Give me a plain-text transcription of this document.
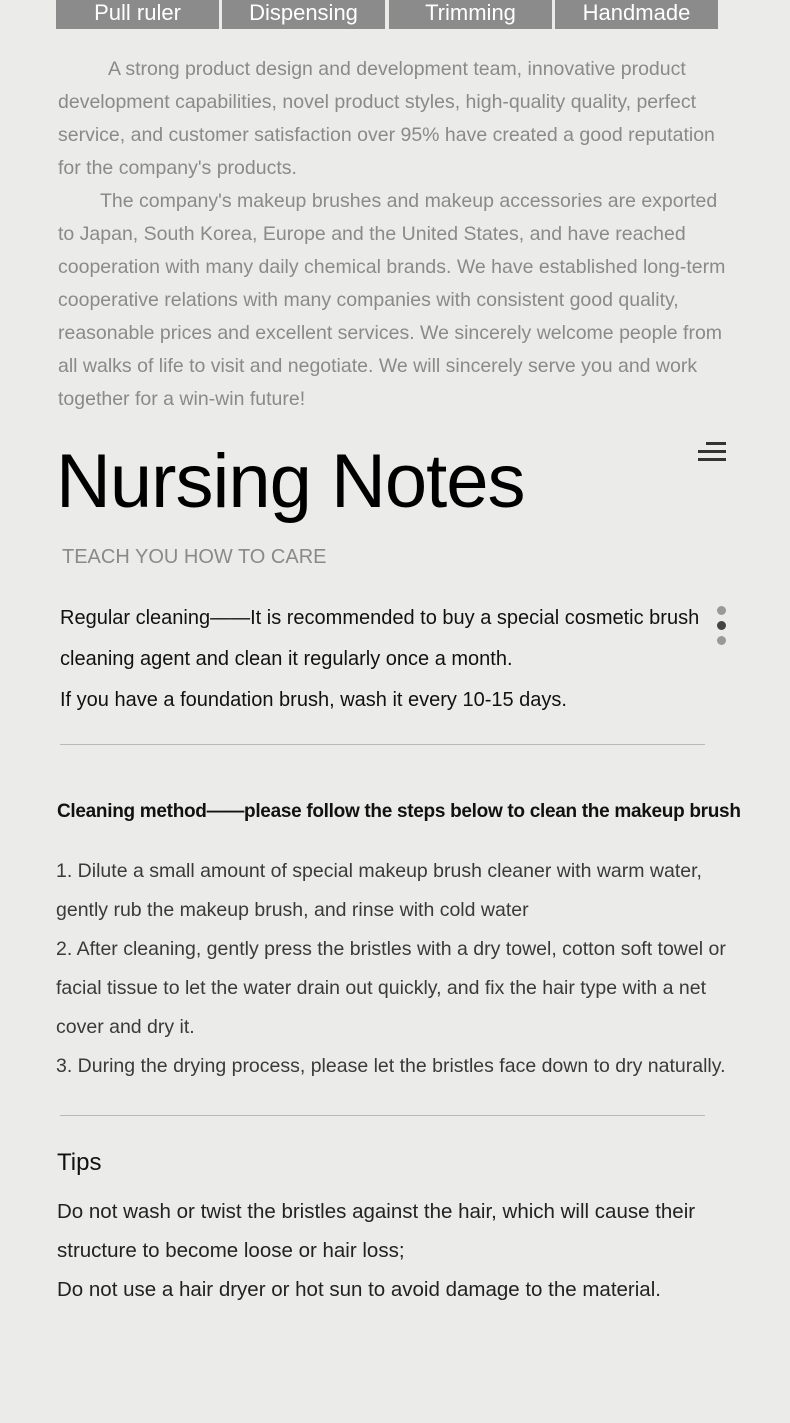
Pull ruler	Dispensing	Trimming	Handmade

A strong product design and development team, innovative product development capabilities, novel product styles, high-quality quality, perfect service, and customer satisfaction over 95% have created a good reputation for the company's products.

The company's makeup brushes and makeup accessories are exported to Japan, South Korea, Europe and the United States, and have reached cooperation with many daily chemical brands. We have established long-term cooperative relations with many companies with consistent good quality, reasonable prices and excellent services. We sincerely welcome people from all walks of life to visit and negotiate. We will sincerely serve you and work together for a win-win future!

Nursing Notes
TEACH YOU HOW TO CARE

Regular cleaning——It is recommended to buy a special cosmetic brush cleaning agent and clean it regularly once a month.

If you have a foundation brush, wash it every 10-15 days.

Cleaning method——please follow the steps below to clean the makeup brush

1. Dilute a small amount of special makeup brush cleaner with warm water, gently rub the makeup brush, and rinse with cold water

2. After cleaning, gently press the bristles with a dry towel, cotton soft towel or facial tissue to let the water drain out quickly, and fix the hair type with a net cover and dry it.

3. During the drying process, please let the bristles face down to dry naturally.

Tips

Do not wash or twist the bristles against the hair, which will cause their structure to become loose or hair loss;

Do not use a hair dryer or hot sun to avoid damage to the material.
